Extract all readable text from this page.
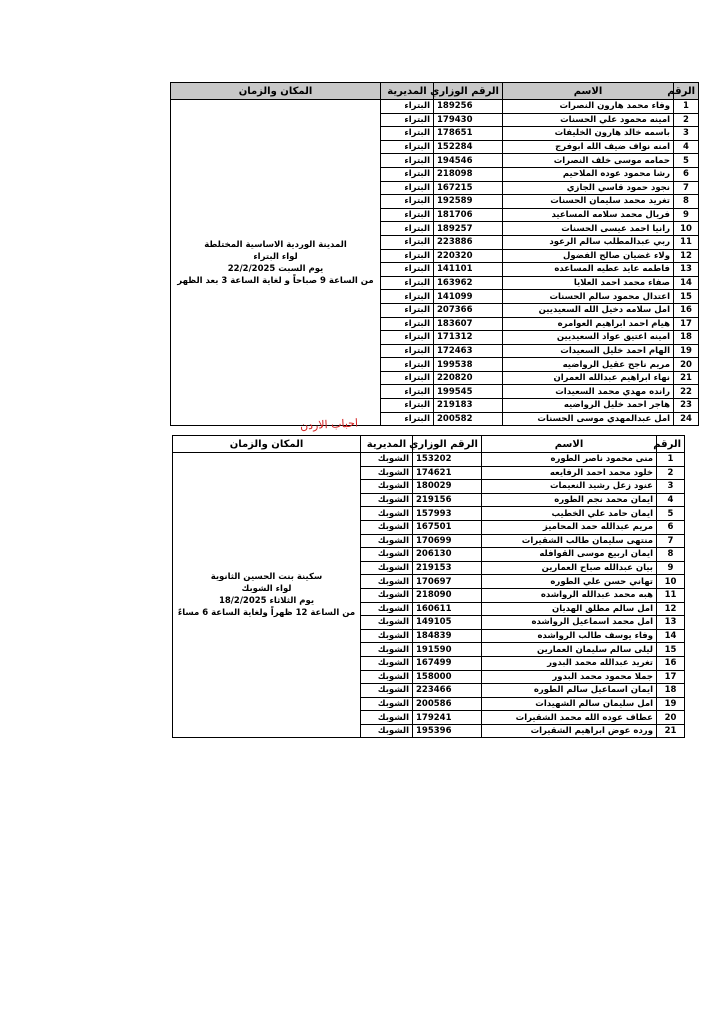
الرقم	الاسم	الرقم الوزاري	المديرية	المكان والزمان
1	وفاء محمد هارون النصرات	189256	البتراء	المدينة الوردية الاساسية المختلطة
لواء البتراء
يوم السبت 22/2/2025
من الساعة 9 صباحاً و لغاية الساعة 3 بعد الظهر

2	امينه محمود علي الحسنات	179430	البتراء	
3	باسمه خالد هارون الخليفات	178651	البتراء	
4	امنه نواف ضيف الله ابوفرج	152284	البتراء	
5	حمامه موسى خلف النصرات	194546	البتراء	
6	رشا محمود عوده الملاحيم	218098	البتراء	
7	نجود حمود قاسي الجازي	167215	البتراء	
8	تغريد محمد سليمان الحسنات	192589	البتراء	
9	فريال محمد سلامه المساعيد	181706	البتراء	
10	رانيا احمد عيسى الحسنات	189257	البتراء	
11	ربي عبدالمطلب سالم الرعود	223886	البتراء	
12	ولاء غضيان صالح الفضول	220320	البتراء	
13	فاطمه عايد عطيه المساعده	141101	البتراء	
14	صفاء محمد احمد العلايا	163962	البتراء	
15	اعتدال محمود سالم الحسنات	141099	البتراء	
16	امل سلامه دخيل الله السعيديين	207366	البتراء	
17	هيام احمد ابراهيم العوامره	183607	البتراء	
18	امينه اعتيق عواد السعيديين	171312	البتراء	
19	الهام احمد خليل السعيدات	172463	البتراء	
20	مريم ناجح عقيل الرواضيه	199538	البتراء	
21	نهاء ابراهيم عبدالله العمران	220820	البتراء	
22	رانده مهدي محمد السعيدات	199545	البتراء	
23	هاجر احمد خليل الرواضيه	219183	البتراء	
24	امل عبدالمهدي موسى الحسنات	200582	البتراء	
احباب الاردن
الرقم	الاسم	الرقم الوزاري	المديرية	المكان والزمان
1	منى محمود ناصر الطوره	153202	الشوبك	سكينة بنت الحسين الثانوية
لواء الشوبك
يوم الثلاثاء 18/2/2025
من الساعة 12 ظهراً ولغاية الساعة 6 مساءً

2	خلود محمد احمد الرفايعه	174621	الشوبك	
3	عنود زعل رشيد النعيمات	180029	الشوبك	
4	ايمان محمد نجم الطوره	219156	الشوبك	
5	ايمان حامد علي الخطيب	157993	الشوبك	
6	مريم عبدالله حمد المحاميز	167501	الشوبك	
7	منتهى سليمان طالب الشقيرات	170699	الشوبك	
8	ايمان اربيع موسى القوافله	206130	الشوبك	
9	بيان عبدالله صباح العمارين	219153	الشوبك	
10	تهاني حسن علي الطوره	170697	الشوبك	
11	هبه محمد عبدالله الرواشده	218090	الشوبك	
12	امل سالم مطلق الهديان	160611	الشوبك	
13	امل محمد اسماعيل الرواشده	149105	الشوبك	
14	وفاء يوسف طالب الرواشده	184839	الشوبك	
15	ليلى سالم سليمان العمارين	191590	الشوبك	
16	تغريد عبدالله محمد البدور	167499	الشوبك	
17	جملا محمود محمد البدور	158000	الشوبك	
18	ايمان اسماعيل سالم الطوره	223466	الشوبك	
19	امل سليمان سالم الشهيدات	200586	الشوبك	
20	عطاف عوده الله محمد الشقيرات	179241	الشوبك	
21	ورده عوض ابراهيم الشقيرات	195396	الشوبك	
